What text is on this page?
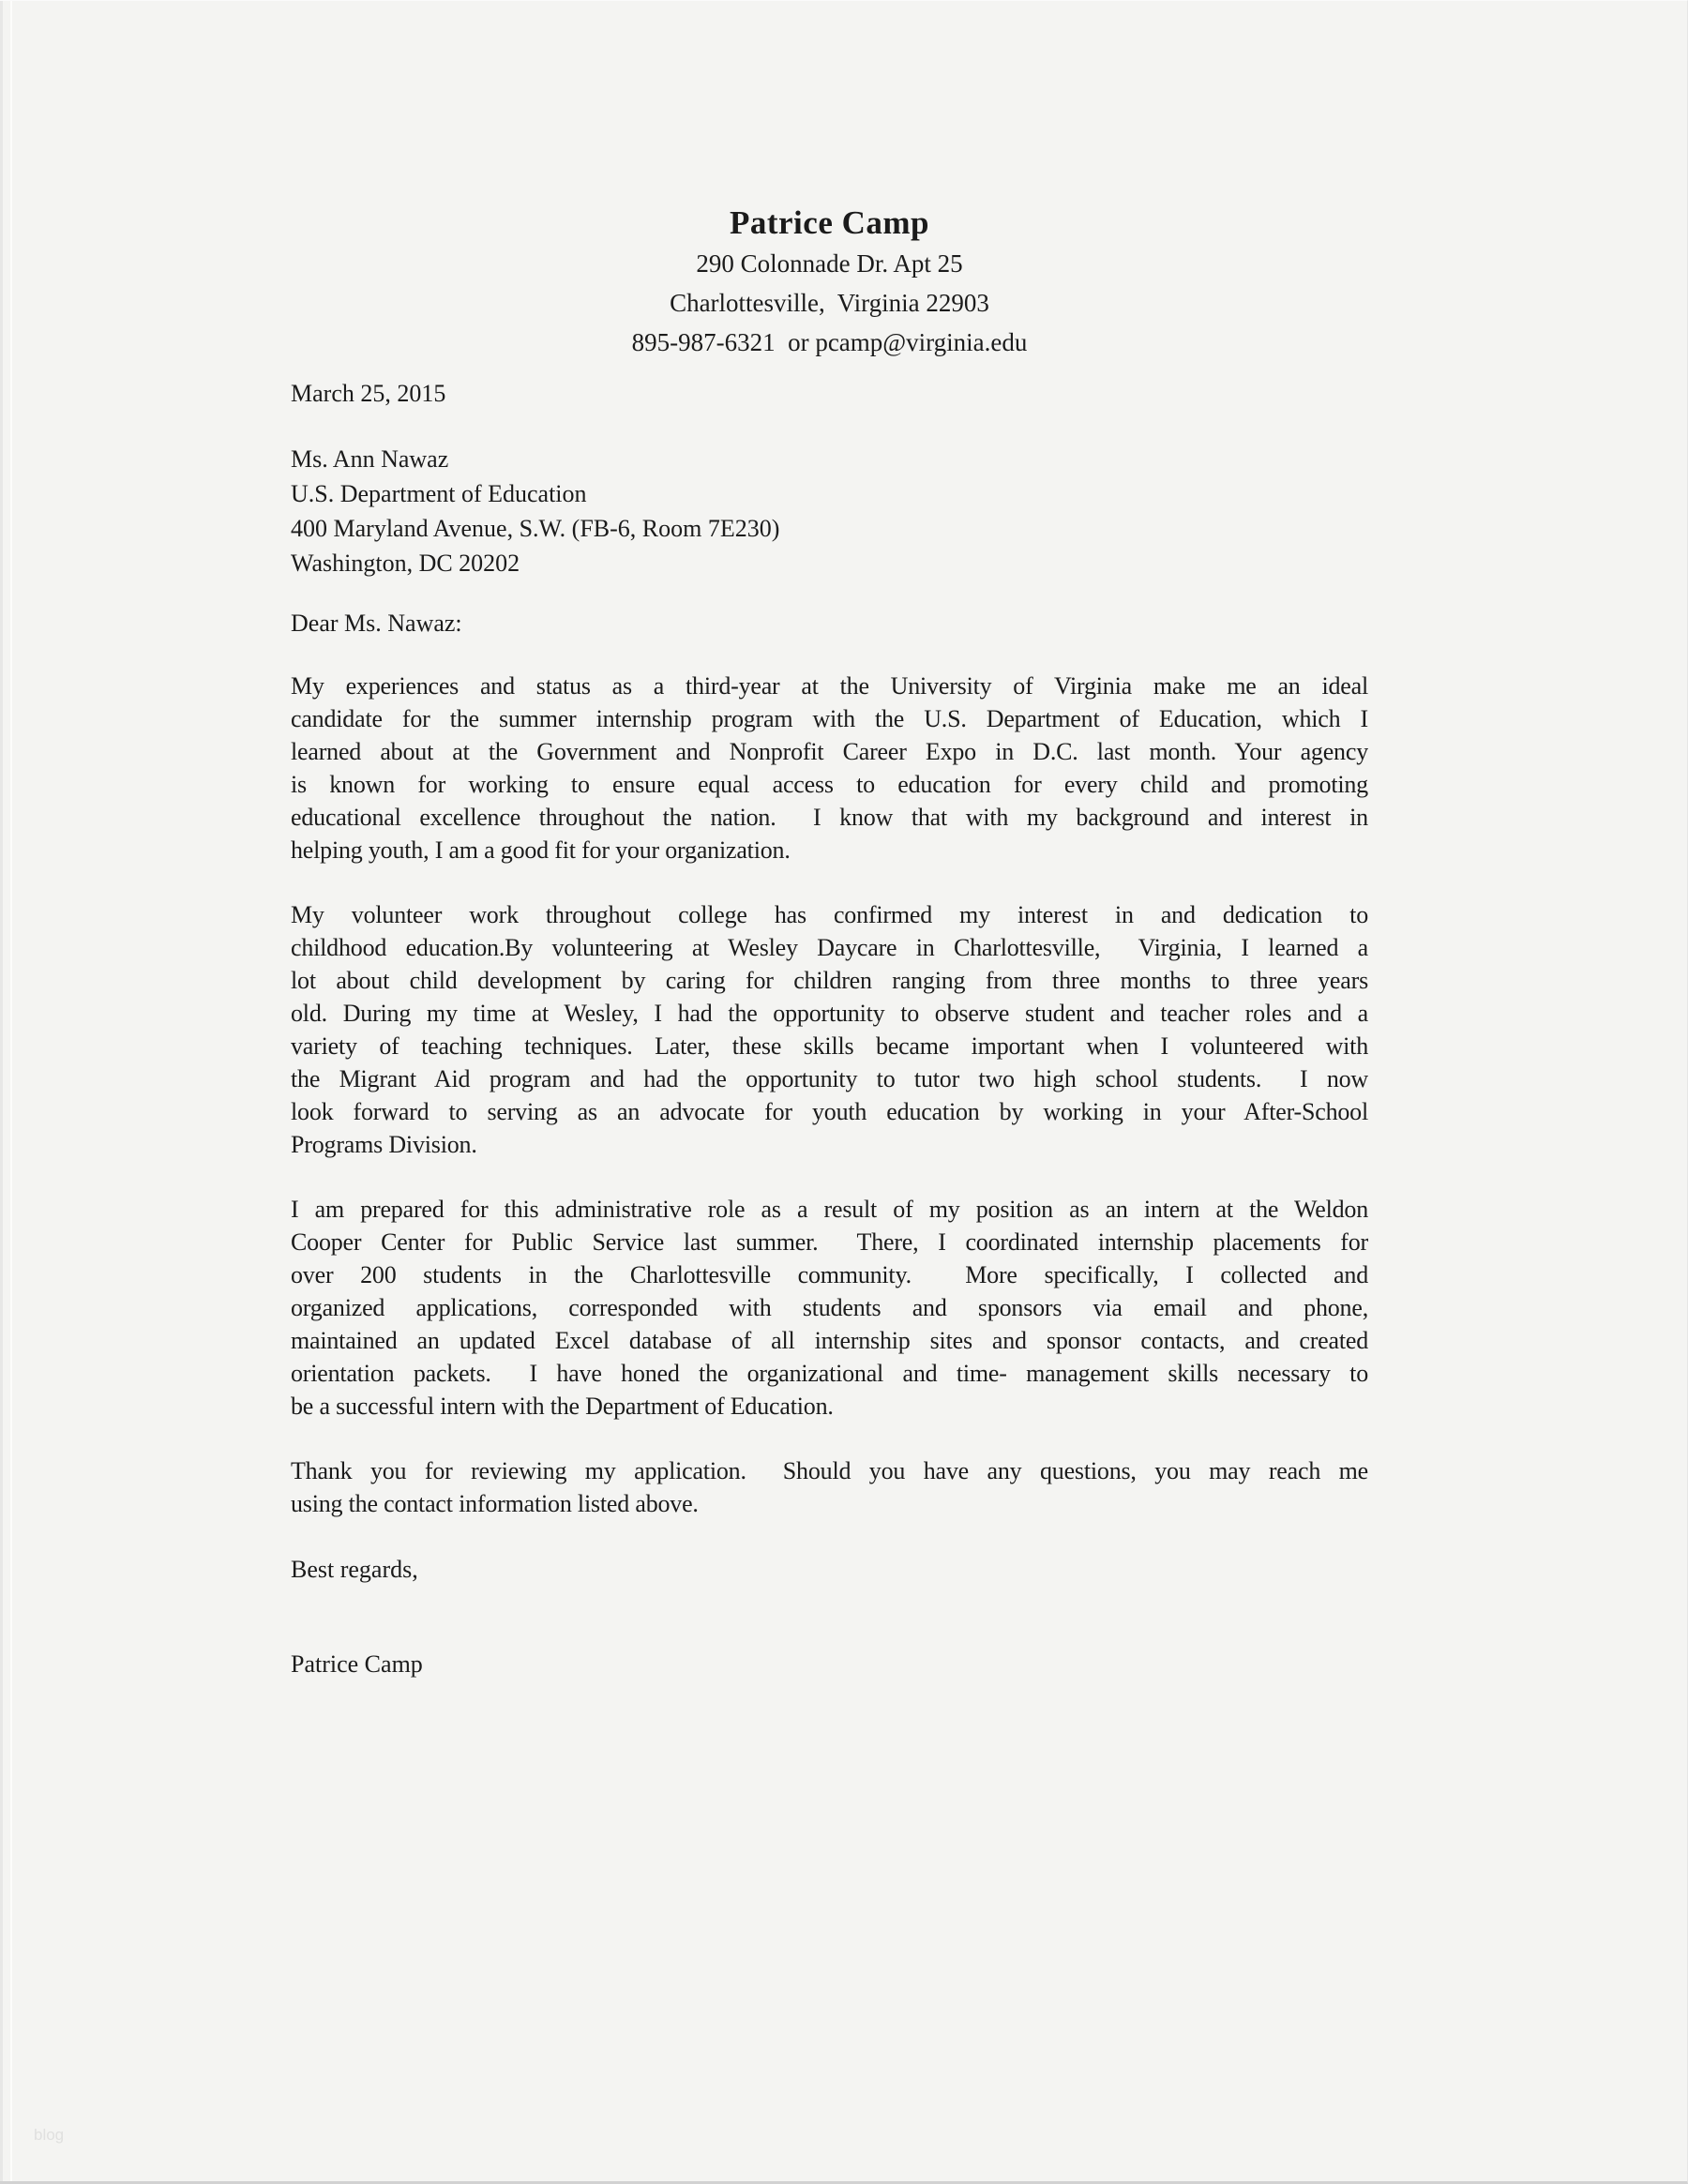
Patrice Camp
290 Colonnade Dr. Apt 25
Charlottesville,  Virginia 22903
895-987-6321  or pcamp@virginia.edu
March 25, 2015
Ms. Ann Nawaz
U.S. Department of Education
400 Maryland Avenue, S.W. (FB-6, Room 7E230)
Washington, DC 20202
Dear Ms. Nawaz:
My experiences and status as a third-year at the University of Virginia make me an ideal
candidate for the summer internship program with the U.S. Department of Education, which I
learned about at the Government and Nonprofit Career Expo in D.C. last month. Your agency
is known for working to ensure equal access to education for every child and promoting
educational excellence throughout the nation.  I know that with my background and interest in
helping youth, I am a good fit for your organization.
My volunteer work throughout college has confirmed my interest in and dedication to
childhood education.By volunteering at Wesley Daycare in Charlottesville,  Virginia, I learned a
lot about child development by caring for children ranging from three months to three years
old. During my time at Wesley, I had the opportunity to observe student and teacher roles and a
variety of teaching techniques. Later, these skills became important when I volunteered with
the Migrant Aid program and had the opportunity to tutor two high school students.  I now
look forward to serving as an advocate for youth education by working in your After-School
Programs Division.
I am prepared for this administrative role as a result of my position as an intern at the Weldon
Cooper Center for Public Service last summer.  There, I coordinated internship placements for
over 200 students in the Charlottesville community.  More specifically, I collected and
organized applications, corresponded with students and sponsors via email and phone,
maintained an updated Excel database of all internship sites and sponsor contacts, and created
orientation packets.  I have honed the organizational and time- management skills necessary to
be a successful intern with the Department of Education.
Thank you for reviewing my application.  Should you have any questions, you may reach me
using the contact information listed above.
Best regards,
Patrice Camp
blog
